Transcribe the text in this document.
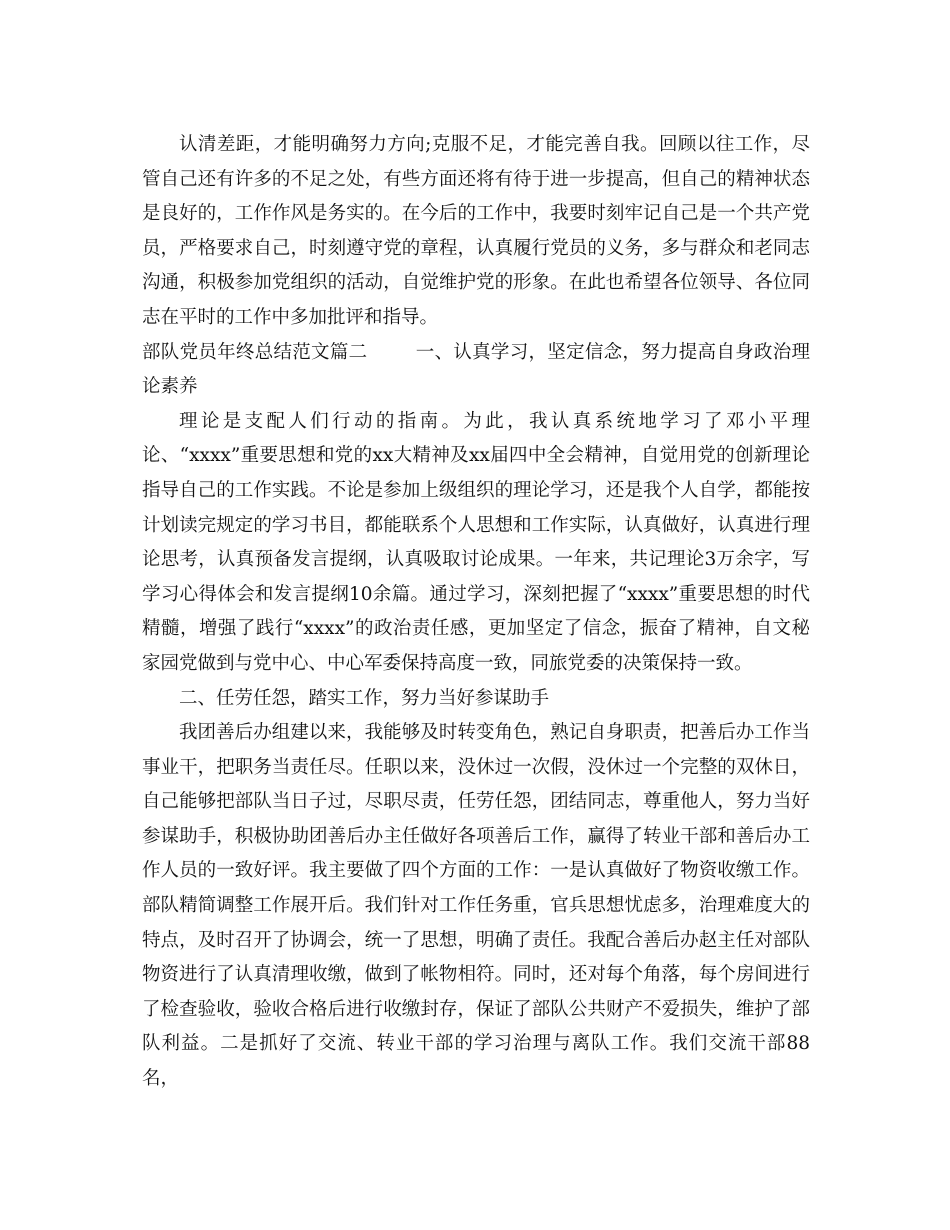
认清差距，才能明确努力方向;克服不足，才能完善自我。回顾以往工作，尽管自己还有许多的不足之处，有些方面还将有待于进一步提高，但自己的精神状态是良好的，工作作风是务实的。在今后的工作中，我要时刻牢记自己是一个共产党员，严格要求自己，时刻遵守党的章程，认真履行党员的义务，多与群众和老同志沟通，积极参加党组织的活动，自觉维护党的形象。在此也希望各位领导、各位同志在平时的工作中多加批评和指导。

部队党员年终总结范文篇二	一、认真学习，坚定信念，努力提高自身政治理论素养

理论是支配人们行动的指南。为此，我认真系统地学习了邓小平理论、“xxxx”重要思想和党的xx大精神及xx届四中全会精神，自觉用党的创新理论指导自己的工作实践。不论是参加上级组织的理论学习，还是我个人自学，都能按计划读完规定的学习书目，都能联系个人思想和工作实际，认真做好，认真进行理论思考，认真预备发言提纲，认真吸取讨论成果。一年来，共记理论3万余字，写学习心得体会和发言提纲10余篇。通过学习，深刻把握了“xxxx”重要思想的时代精髓，增强了践行“xxxx”的政治责任感，更加坚定了信念，振奋了精神，自文秘家园党做到与党中心、中心军委保持高度一致，同旅党委的决策保持一致。

二、任劳任怨，踏实工作，努力当好参谋助手

我团善后办组建以来，我能够及时转变角色，熟记自身职责，把善后办工作当事业干，把职务当责任尽。任职以来，没休过一次假，没休过一个完整的双休日，自己能够把部队当日子过，尽职尽责，任劳任怨，团结同志，尊重他人，努力当好参谋助手，积极协助团善后办主任做好各项善后工作，赢得了转业干部和善后办工作人员的一致好评。我主要做了四个方面的工作：一是认真做好了物资收缴工作。部队精简调整工作展开后。我们针对工作任务重，官兵思想忧虑多，治理难度大的特点，及时召开了协调会，统一了思想，明确了责任。我配合善后办赵主任对部队物资进行了认真清理收缴，做到了帐物相符。同时，还对每个角落，每个房间进行了检查验收，验收合格后进行收缴封存，保证了部队公共财产不爱损失，维护了部队利益。二是抓好了交流、转业干部的学习治理与离队工作。我们交流干部88名，
